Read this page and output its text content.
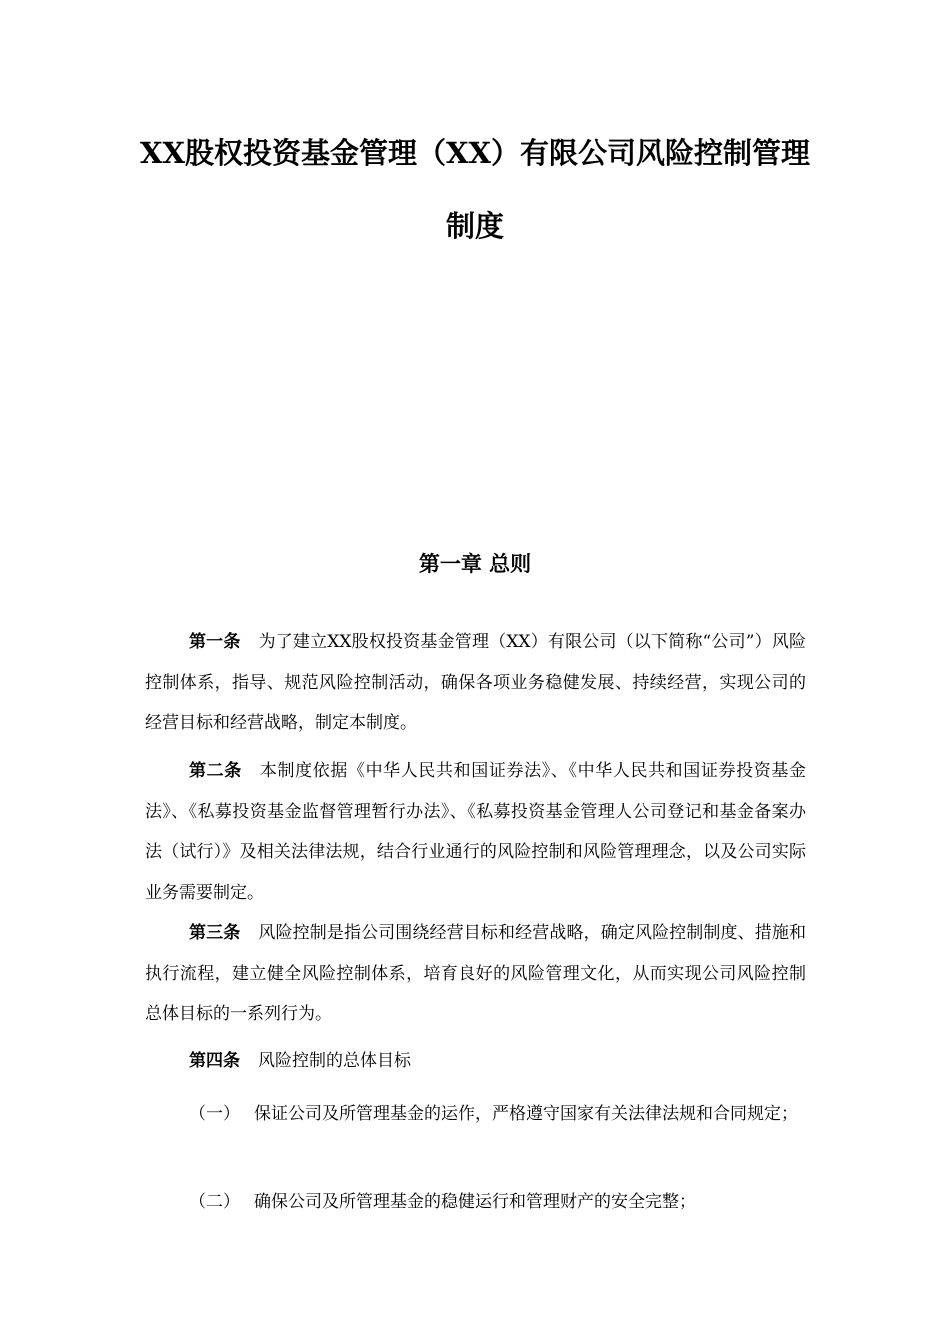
XX股权投资基金管理（XX）有限公司风险控制管理
制度
第一章 总则

第一条 为了建立XX股权投资基金管理（XX）有限公司（以下简称“公司”）风险控制体系，指导、规范风险控制活动，确保各项业务稳健发展、持续经营，实现公司的经营目标和经营战略，制定本制度。

第二条 本制度依据《中华人民共和国证券法》、《中华人民共和国证券投资基金法》、《私募投资基金监督管理暂行办法》、《私募投资基金管理人公司登记和基金备案办法（试行）》及相关法律法规，结合行业通行的风险控制和风险管理理念，以及公司实际业务需要制定。

第三条 风险控制是指公司围绕经营目标和经营战略，确定风险控制制度、措施和执行流程，建立健全风险控制体系，培育良好的风险管理文化，从而实现公司风险控制总体目标的一系列行为。

第四条 风险控制的总体目标

（一） 保证公司及所管理基金的运作，严格遵守国家有关法律法规和合同规定；

（二） 确保公司及所管理基金的稳健运行和管理财产的安全完整；
